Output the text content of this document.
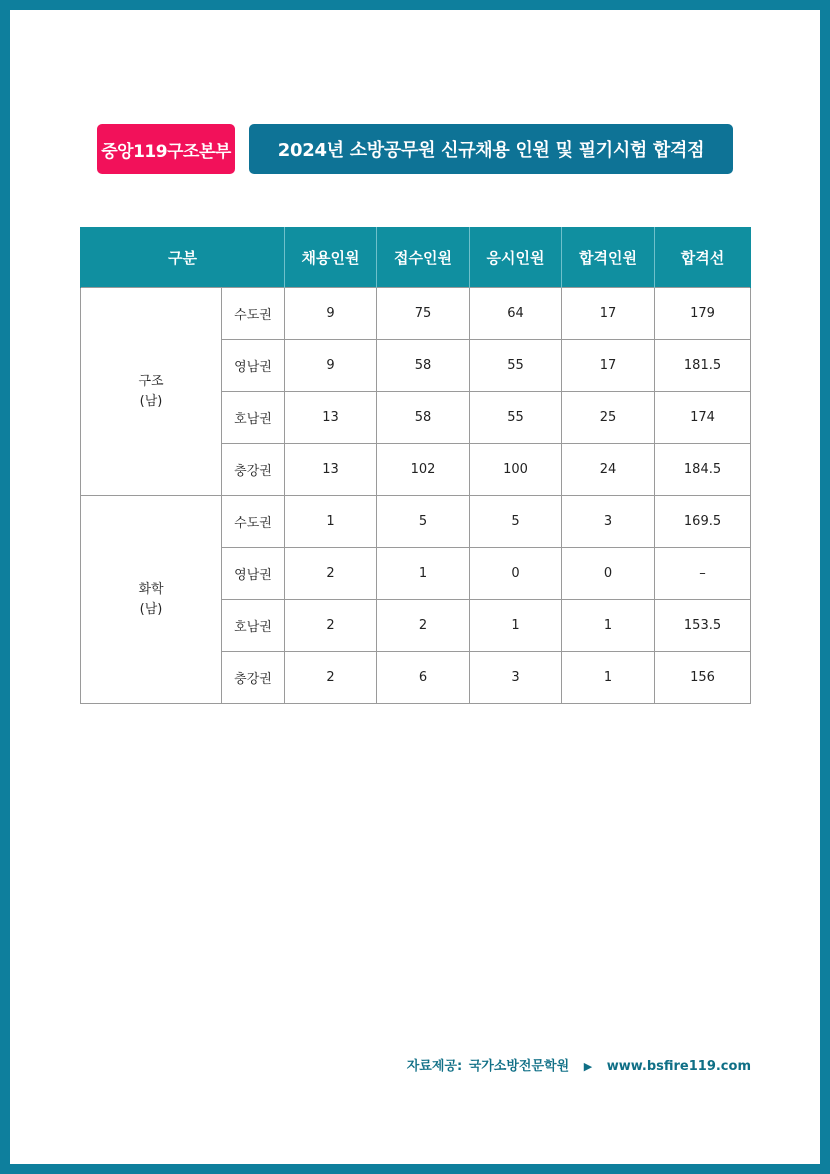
중앙119구조본부	2024년 소방공무원 신규채용 인원 및 필기시험 합격점
구분		채용인원	접수인원	응시인원	합격인원	합격선

구조
(남)	수도권	9	75	64	17	179
	영남권	9	58	55	17	181.5
	호남권	13	58	55	25	174
	충강권	13	102	100	24	184.5

화학
(남)	수도권	1	5	5	3	169.5
	영남권	2	1	0	0	–
	호남권	2	2	1	1	153.5
	충강권	2	6	3	1	156
자료제공: 국가소방전문학원 ▶ www.bsfire119.com
